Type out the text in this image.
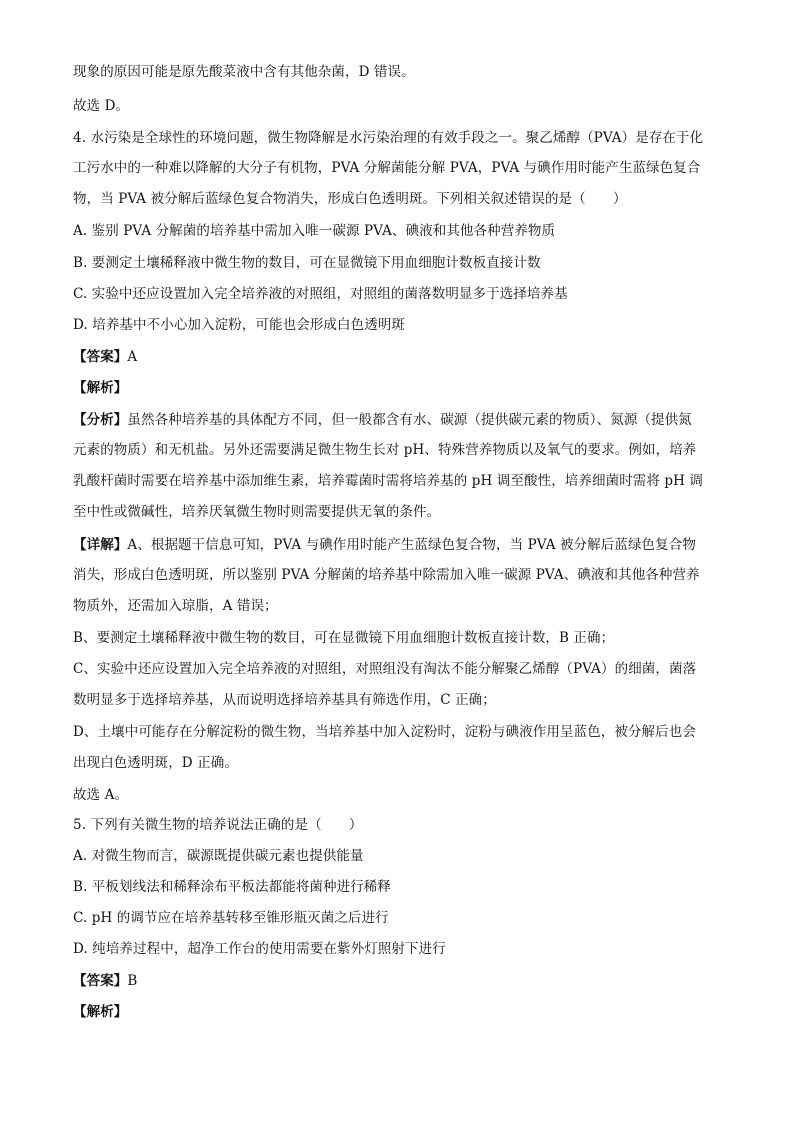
现象的原因可能是原先酸菜液中含有其他杂菌，D 错误。
故选 D。
4. 水污染是全球性的环境问题，微生物降解是水污染治理的有效手段之一。聚乙烯醇（PVA）是存在于化
工污水中的一种难以降解的大分子有机物，PVA 分解菌能分解 PVA，PVA 与碘作用时能产生蓝绿色复合
物，当 PVA 被分解后蓝绿色复合物消失，形成白色透明斑。下列相关叙述错误的是（　　）
A. 鉴别 PVA 分解菌的培养基中需加入唯一碳源 PVA、碘液和其他各种营养物质
B. 要测定土壤稀释液中微生物的数目，可在显微镜下用血细胞计数板直接计数
C. 实验中还应设置加入完全培养液的对照组，对照组的菌落数明显多于选择培养基
D. 培养基中不小心加入淀粉，可能也会形成白色透明斑
【答案】A
【解析】
【分析】虽然各种培养基的具体配方不同，但一般都含有水、碳源（提供碳元素的物质）、氮源（提供氮
元素的物质）和无机盐。另外还需要满足微生物生长对 pH、特殊营养物质以及氧气的要求。例如，培养
乳酸杆菌时需要在培养基中添加维生素，培养霉菌时需将培养基的 pH 调至酸性，培养细菌时需将 pH 调
至中性或微碱性，培养厌氧微生物时则需要提供无氧的条件。
【详解】A、根据题干信息可知，PVA 与碘作用时能产生蓝绿色复合物，当 PVA 被分解后蓝绿色复合物
消失，形成白色透明斑，所以鉴别 PVA 分解菌的培养基中除需加入唯一碳源 PVA、碘液和其他各种营养
物质外，还需加入琼脂，A 错误；
B、要测定土壤稀释液中微生物的数目，可在显微镜下用血细胞计数板直接计数，B 正确；
C、实验中还应设置加入完全培养液的对照组，对照组没有淘汰不能分解聚乙烯醇（PVA）的细菌，菌落
数明显多于选择培养基，从而说明选择培养基具有筛选作用，C 正确；
D、土壤中可能存在分解淀粉的微生物，当培养基中加入淀粉时，淀粉与碘液作用呈蓝色，被分解后也会
出现白色透明斑，D 正确。
故选 A。
5. 下列有关微生物的培养说法正确的是（　　）
A. 对微生物而言，碳源既提供碳元素也提供能量
B. 平板划线法和稀释涂布平板法都能将菌种进行稀释
C. pH 的调节应在培养基转移至锥形瓶灭菌之后进行
D. 纯培养过程中，超净工作台的使用需要在紫外灯照射下进行
【答案】B
【解析】
